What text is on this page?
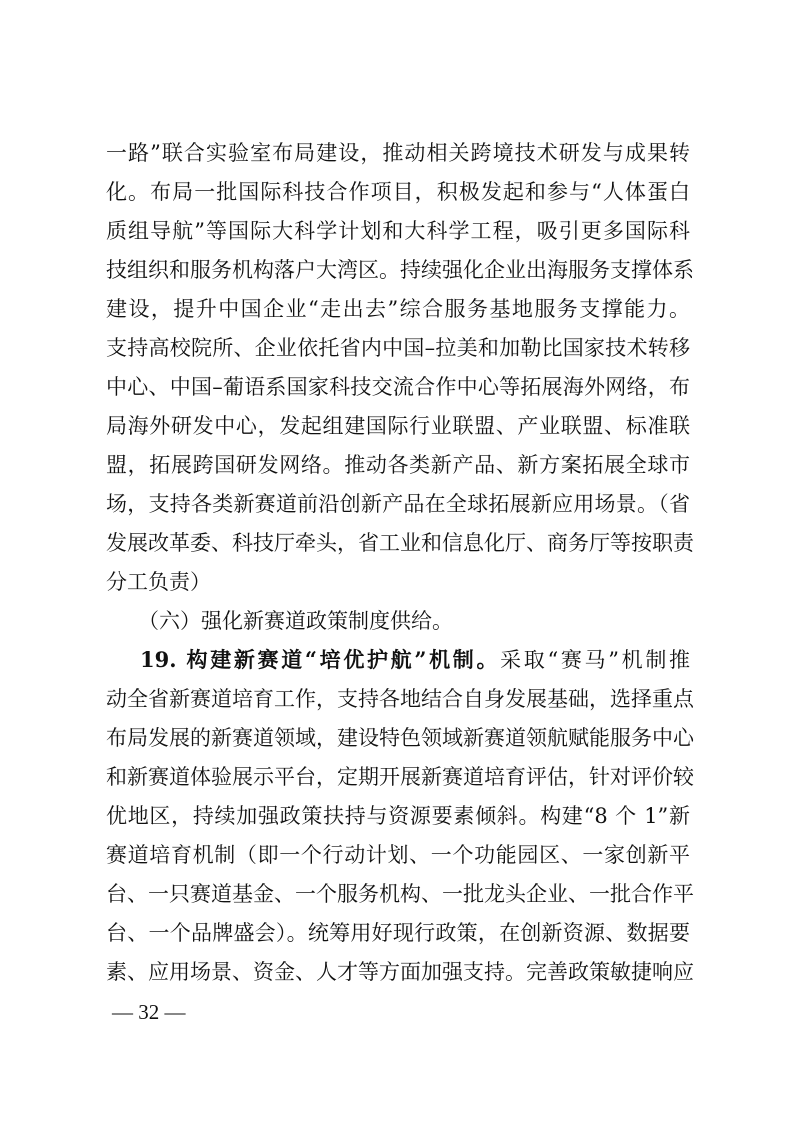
一路”联合实验室布局建设，推动相关跨境技术研发与成果转
化。布局一批国际科技合作项目，积极发起和参与“人体蛋白
质组导航”等国际大科学计划和大科学工程，吸引更多国际科
技组织和服务机构落户大湾区。持续强化企业出海服务支撑体系
建设，提升中国企业“走出去”综合服务基地服务支撑能力。
支持高校院所、企业依托省内中国–拉美和加勒比国家技术转移
中心、中国–葡语系国家科技交流合作中心等拓展海外网络，布
局海外研发中心，发起组建国际行业联盟、产业联盟、标准联
盟，拓展跨国研发网络。推动各类新产品、新方案拓展全球市
场，支持各类新赛道前沿创新产品在全球拓展新应用场景。（省
发展改革委、科技厅牵头，省工业和信息化厅、商务厅等按职责
分工负责）
（六）强化新赛道政策制度供给。
19. 构建新赛道“培优护航”机制。采取“赛马”机制推
动全省新赛道培育工作，支持各地结合自身发展基础，选择重点
布局发展的新赛道领域，建设特色领域新赛道领航赋能服务中心
和新赛道体验展示平台，定期开展新赛道培育评估，针对评价较
优地区，持续加强政策扶持与资源要素倾斜。构建“8 个 1”新
赛道培育机制（即一个行动计划、一个功能园区、一家创新平
台、一只赛道基金、一个服务机构、一批龙头企业、一批合作平
台、一个品牌盛会）。统筹用好现行政策，在创新资源、数据要
素、应用场景、资金、人才等方面加强支持。完善政策敏捷响应
— 32 —
